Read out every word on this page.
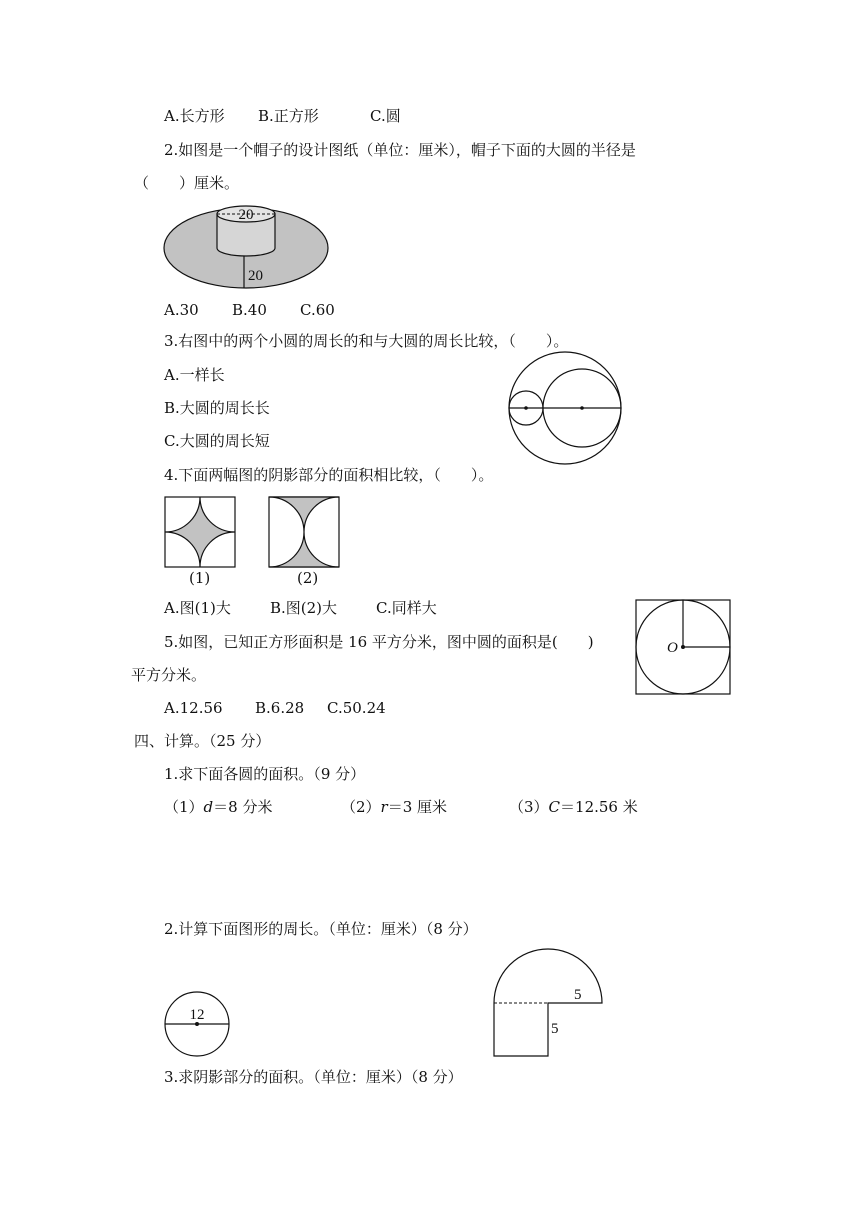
A.长方形 B.正方形	C.圆
2.如图是一个帽子的设计图纸（单位：厘米），帽子下面的大圆的半径是
（　　）厘米。
20
20
A.30 B.40 C.60
3.右图中的两个小圆的周长的和与大圆的周长比较，（　　）。
A.一样长
B.大圆的周长长
C.大圆的周长短
4.下面两幅图的阴影部分的面积相比较，（　　）。
(1)	(2)
A.图(1)大	B.图(2)大	C.同样大
5.如图，已知正方形面积是 16 平方分米，图中圆的面积是(　　)
平方分米。
O
A.12.56 B.6.28 C.50.24
四、计算。（25 分）
1.求下面各圆的面积。（9 分）
（1）d＝8 分米	（2）r＝3 厘米	（3）C＝12.56 米
2.计算下面图形的周长。（单位：厘米）（8 分）
12
5
5
3.求阴影部分的面积。（单位：厘米）（8 分）
